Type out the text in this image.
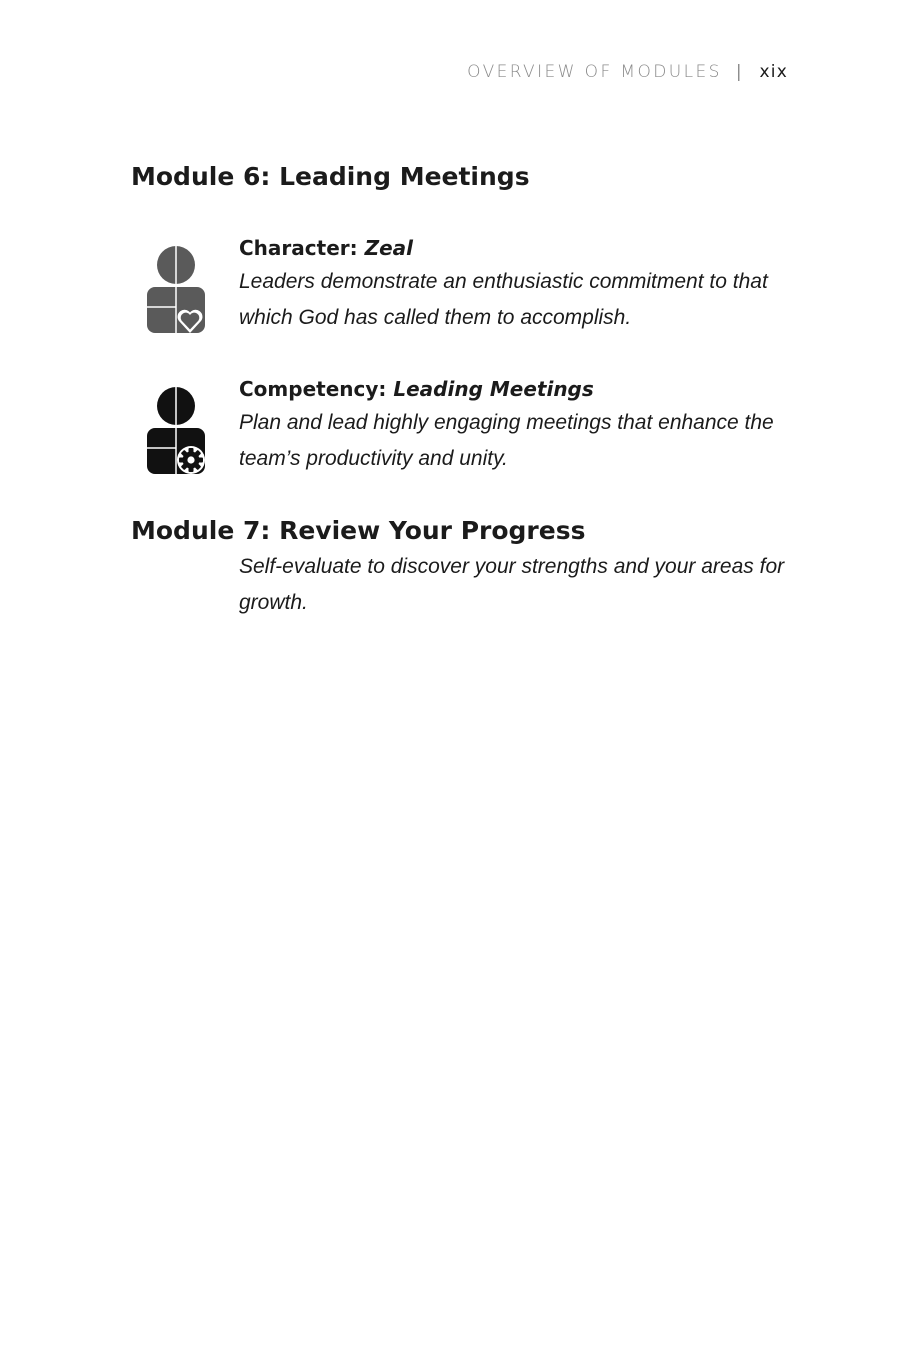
OVERVIEW OF MODULES | xix
Module 6: Leading Meetings

Character: Zeal

Leaders demonstrate an enthusiastic commitment to that which God has called them to accomplish.

Competency: Leading Meetings

Plan and lead highly engaging meetings that enhance the team’s productivity and unity.

Module 7: Review Your Progress

Self-evaluate to discover your strengths and your areas for growth.
